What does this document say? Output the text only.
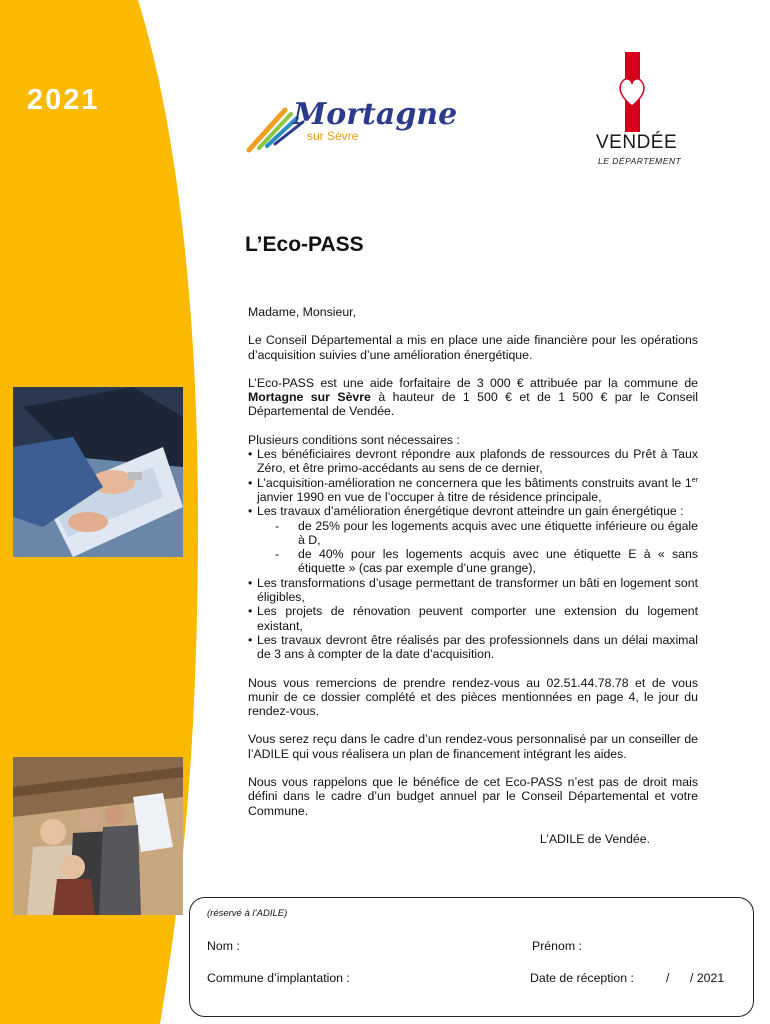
2021	Mortagne
sur Sèvre	VENDÉE
LE DÉPARTEMENT
L’Eco-PASS

Madame, Monsieur,

Le Conseil Départemental a mis en place une aide financière pour les opérations d’acquisition suivies d’une amélioration énergétique.

L’Eco-PASS est une aide forfaitaire de 3 000 € attribuée par la commune de Mortagne sur Sèvre à hauteur de 1 500 € et de 1 500 € par le Conseil Départemental de Vendée.

Plusieurs conditions sont nécessaires :
• Les bénéficiaires devront répondre aux plafonds de ressources du Prêt à Taux Zéro, et être primo-accédants au sens de ce dernier,
• L’acquisition-amélioration ne concernera que les bâtiments construits avant le 1er janvier 1990 en vue de l’occuper à titre de résidence principale,
• Les travaux d’amélioration énergétique devront atteindre un gain énergétique :
- de 25% pour les logements acquis avec une étiquette inférieure ou égale à D,
- de 40% pour les logements acquis avec une étiquette E à « sans étiquette » (cas par exemple d’une grange),
• Les transformations d’usage permettant de transformer un bâti en logement sont éligibles,
• Les projets de rénovation peuvent comporter une extension du logement existant,
• Les travaux devront être réalisés par des professionnels dans un délai maximal de 3 ans à compter de la date d’acquisition.

Nous vous remercions de prendre rendez-vous au 02.51.44.78.78 et de vous munir de ce dossier complété et des pièces mentionnées en page 4, le jour du rendez-vous.

Vous serez reçu dans le cadre d’un rendez-vous personnalisé par un conseiller de l’ADILE qui vous réalisera un plan de financement intégrant les aides.

Nous vous rappelons que le bénéfice de cet Eco-PASS n’est pas de droit mais défini dans le cadre d’un budget annuel par le Conseil Départemental et votre Commune.

L’ADILE de Vendée.
(réservé à l’ADILE)
Nom :	Prénom :
Commune d’implantation :	Date de réception :	/ / 2021
